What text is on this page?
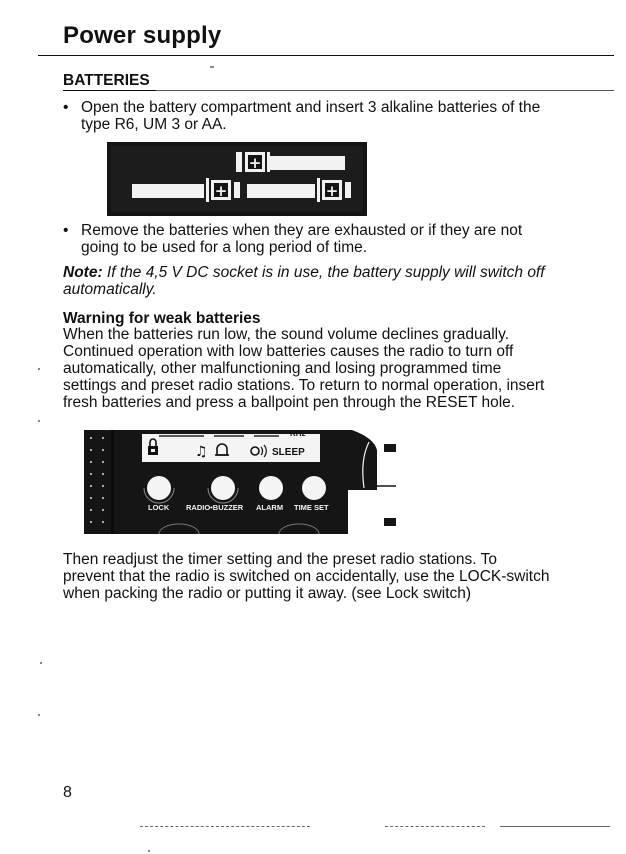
Power supply
BATTERIES
• Open the battery compartment and insert 3 alkaline batteries of the
type R6, UM 3 or AA.
+
+	+
• Remove the batteries when they are exhausted or if they are not
going to be used for a long period of time.
Note: If the 4,5 V DC socket is in use, the battery supply will switch off
automatically.
Warning for weak batteries
When the batteries run low, the sound volume declines gradually.
Continued operation with low batteries causes the radio to turn off
automatically, other malfunctioning and losing programmed time
settings and preset radio stations. To return to normal operation, insert
fresh batteries and press a ballpoint pen through the RESET hole.
KHz
♫	SLEEP
LOCK RADIO•BUZZER ALARM TIME SET
Then readjust the timer setting and the preset radio stations. To
prevent that the radio is switched on accidentally, use the LOCK-switch
when packing the radio or putting it away. (see Lock switch)
8
